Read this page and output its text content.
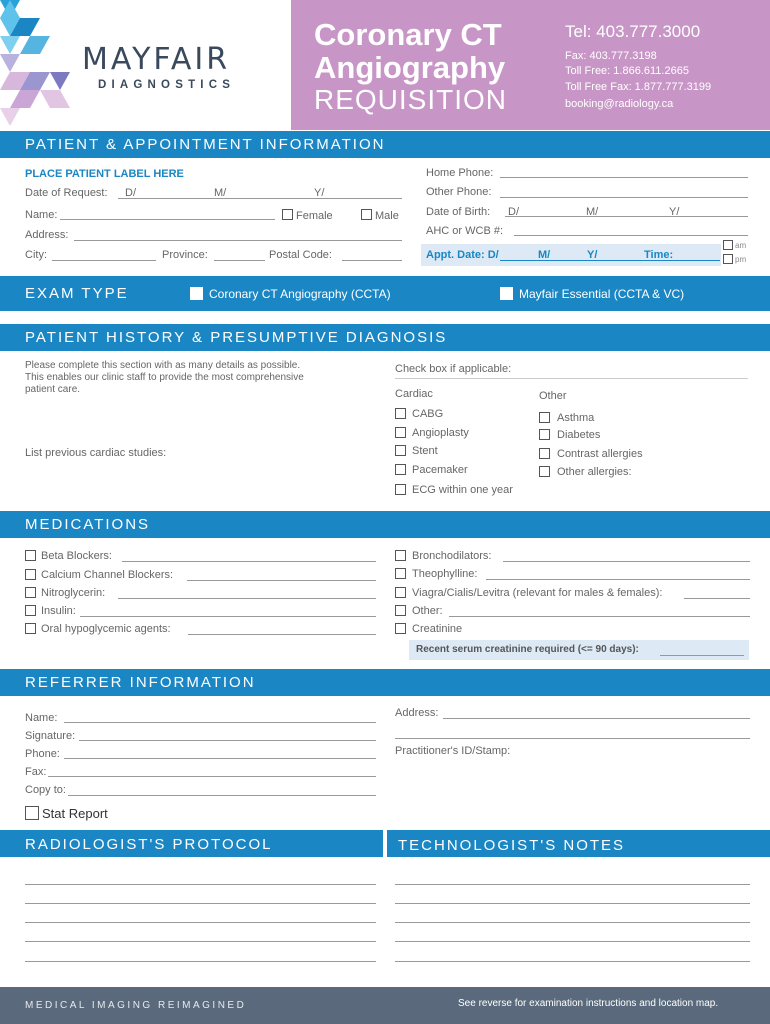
MAYFAIR
DIAGNOSTICS
Coronary CT
Angiography
REQUISITION
Tel: 403.777.3000
Fax: 403.777.3198
Toll Free: 1.866.611.2665
Toll Free Fax: 1.877.777.3199
booking@radiology.ca
PATIENT & APPOINTMENT INFORMATION
PLACE PATIENT LABEL HERE
Date of Request: D/	M/	Y/
Name:	Female	Male
Address:
City:	Province:	Postal Code:
Home Phone:
Other Phone:
Date of Birth: D/	M/	Y/
AHC or WCB #:
Appt. Date: D/	M/	Y/	Time:
am
pm
EXAM TYPE	Coronary CT Angiography (CCTA)	Mayfair Essential (CCTA & VC)
PATIENT HISTORY & PRESUMPTIVE DIAGNOSIS
Please complete this section with as many details as possible.
This enables our clinic staff to provide the most comprehensive
patient care.
List previous cardiac studies:
Check box if applicable:
Cardiac	Other
CABG
Angioplasty
Stent
Pacemaker
ECG within one year
Asthma
Diabetes
Contrast allergies
Other allergies:
MEDICATIONS
Beta Blockers:
Calcium Channel Blockers:
Nitroglycerin:
Insulin:
Oral hypoglycemic agents:
Bronchodilators:
Theophylline:
Viagra/Cialis/Levitra (relevant for males & females):
Other:
Creatinine
Recent serum creatinine required (<= 90 days):
REFERRER INFORMATION
Name:
Signature:
Phone:
Fax:
Copy to:
Address:
Practitioner's ID/Stamp:
Stat Report
RADIOLOGIST'S PROTOCOL	TECHNOLOGIST'S NOTES
MEDICAL IMAGING REIMAGINED	See reverse for examination instructions and location map.
